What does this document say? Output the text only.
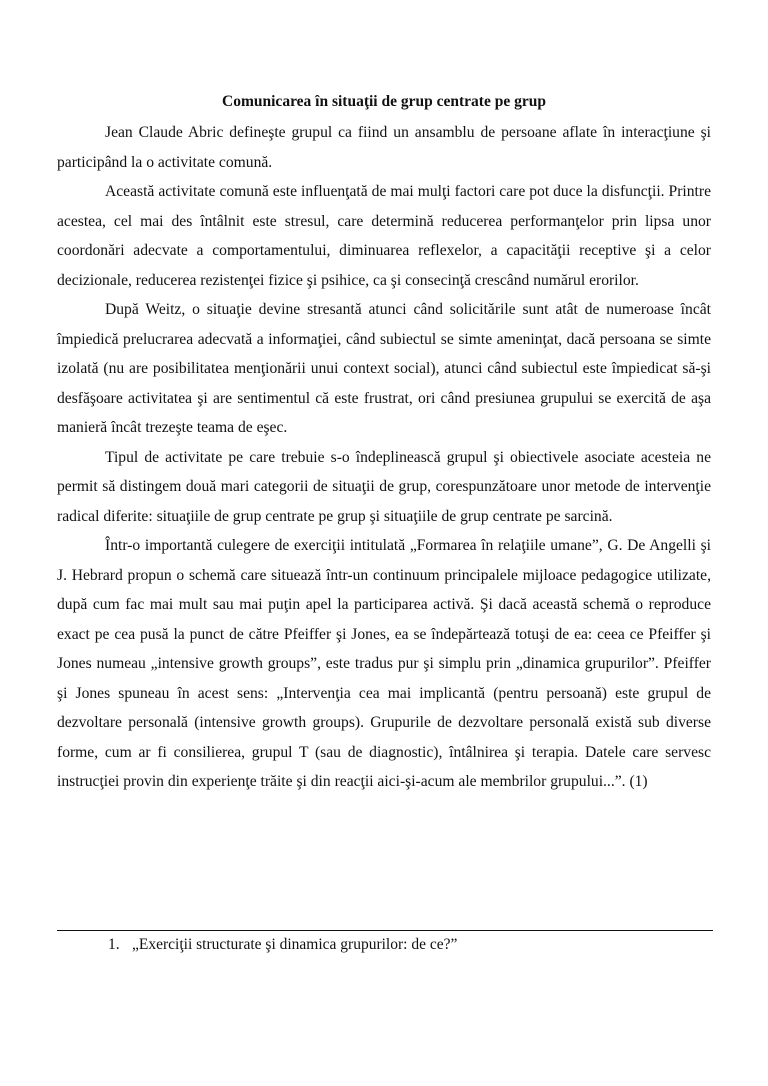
Comunicarea în situaţii de grup centrate pe grup

Jean Claude Abric defineşte grupul ca fiind un ansamblu de persoane aflate în interacţiune şi participând la o activitate comună.

Această activitate comună este influenţată de mai mulţi factori care pot duce la disfuncţii. Printre acestea, cel mai des întâlnit este stresul, care determină reducerea performanţelor prin lipsa unor coordonări adecvate a comportamentului, diminuarea reflexelor, a capacităţii receptive şi a celor decizionale, reducerea rezistenţei fizice şi psihice, ca şi consecinţă crescând numărul erorilor.

După Weitz, o situaţie devine stresantă atunci când solicitările sunt atât de numeroase încât împiedică prelucrarea adecvată a informaţiei, când subiectul se simte ameninţat, dacă persoana se simte izolată (nu are posibilitatea menţionării unui context social), atunci când subiectul este împiedicat să-şi desfăşoare activitatea şi are sentimentul că este frustrat, ori când presiunea grupului se exercită de aşa manieră încât trezeşte teama de eşec.

Tipul de activitate pe care trebuie s-o îndeplinească grupul şi obiectivele asociate acesteia ne permit să distingem două mari categorii de situaţii de grup, corespunzătoare unor metode de intervenţie radical diferite: situaţiile de grup centrate pe grup şi situaţiile de grup centrate pe sarcină.

Într-o importantă culegere de exerciţii intitulată „Formarea în relaţiile umane”, G. De Angelli şi J. Hebrard propun o schemă care situează într-un continuum principalele mijloace pedagogice utilizate, după cum fac mai mult sau mai puţin apel la participarea activă. Şi dacă această schemă o reproduce exact pe cea pusă la punct de către Pfeiffer şi Jones, ea se îndepărtează totuşi de ea: ceea ce Pfeiffer şi Jones numeau „intensive growth groups”, este tradus pur şi simplu prin „dinamica grupurilor”. Pfeiffer şi Jones spuneau în acest sens: „Intervenţia cea mai implicantă (pentru persoană) este grupul de dezvoltare personală (intensive growth groups). Grupurile de dezvoltare personală există sub diverse forme, cum ar fi consilierea, grupul T (sau de diagnostic), întâlnirea şi terapia. Datele care servesc instrucţiei provin din experienţe trăite şi din reacţii aici-şi-acum ale membrilor grupului...”. (1)

1. „Exerciţii structurate şi dinamica grupurilor: de ce?”
